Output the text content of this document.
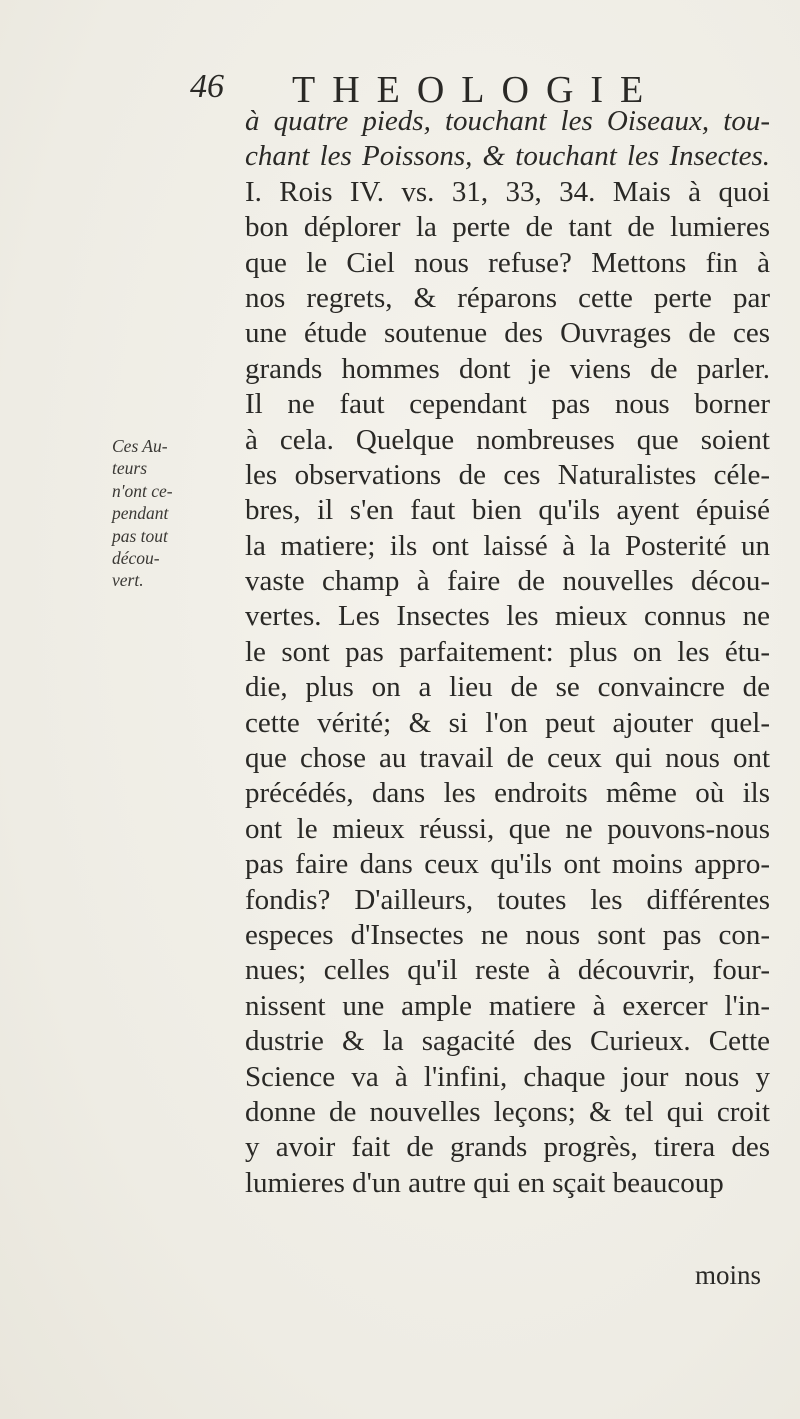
46 THEOLOGIE
Ces Au-
teurs
n'ont ce-
pendant
pas tout
décou-
vert.
à quatre pieds, touchant les Oiseaux, tou-
chant les Poissons, & touchant les Insectes.
I. Rois IV. vs. 31, 33, 34. Mais à quoi
bon déplorer la perte de tant de lumieres
que le Ciel nous refuse? Mettons fin à
nos regrets, & réparons cette perte par
une étude soutenue des Ouvrages de ces
grands hommes dont je viens de parler.
Il ne faut cependant pas nous borner
à cela. Quelque nombreuses que soient
les observations de ces Naturalistes céle-
bres, il s'en faut bien qu'ils ayent épuisé
la matiere; ils ont laissé à la Posterité un
vaste champ à faire de nouvelles décou-
vertes. Les Insectes les mieux connus ne
le sont pas parfaitement: plus on les étu-
die, plus on a lieu de se convaincre de
cette vérité; & si l'on peut ajouter quel-
que chose au travail de ceux qui nous ont
précédés, dans les endroits même où ils
ont le mieux réussi, que ne pouvons-nous
pas faire dans ceux qu'ils ont moins appro-
fondis? D'ailleurs, toutes les différentes
especes d'Insectes ne nous sont pas con-
nues; celles qu'il reste à découvrir, four-
nissent une ample matiere à exercer l'in-
dustrie & la sagacité des Curieux. Cette
Science va à l'infini, chaque jour nous y
donne de nouvelles leçons; & tel qui croit
y avoir fait de grands progrès, tirera des
lumieres d'un autre qui en sçait beaucoup
moins
